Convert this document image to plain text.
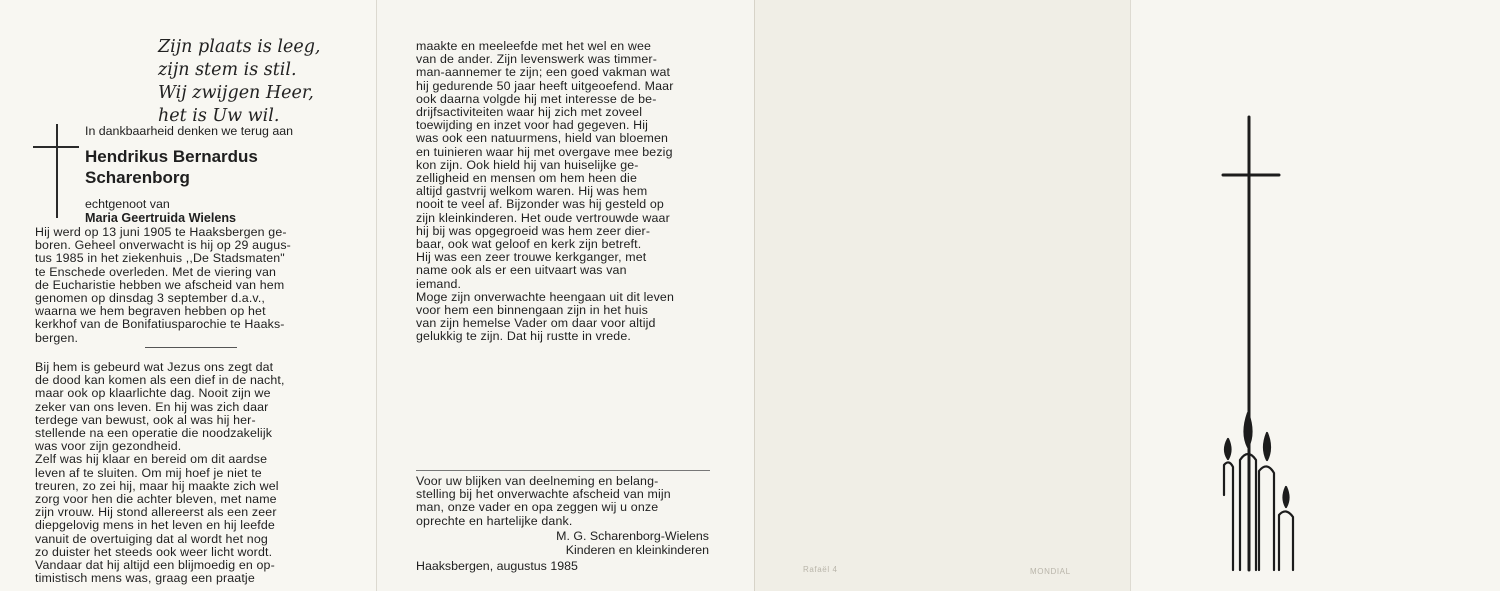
Zijn plaats is leeg,
zijn stem is stil.
Wij zwijgen Heer,
het is Uw wil.
In dankbaarheid denken we terug aan
Hendrikus Bernardus
Scharenborg
echtgenoot van
Maria Geertruida Wielens
Hij werd op 13 juni 1905 te Haaksbergen ge-
boren. Geheel onverwacht is hij op 29 augus-
tus 1985 in het ziekenhuis ,,De Stadsmaten"
te Enschede overleden. Met de viering van
de Eucharistie hebben we afscheid van hem
genomen op dinsdag 3 september d.a.v.,
waarna we hem begraven hebben op het
kerkhof van de Bonifatiusparochie te Haaks-
bergen.
Bij hem is gebeurd wat Jezus ons zegt dat
de dood kan komen als een dief in de nacht,
maar ook op klaarlichte dag. Nooit zijn we
zeker van ons leven. En hij was zich daar
terdege van bewust, ook al was hij her-
stellende na een operatie die noodzakelijk
was voor zijn gezondheid.
Zelf was hij klaar en bereid om dit aardse
leven af te sluiten. Om mij hoef je niet te
treuren, zo zei hij, maar hij maakte zich wel
zorg voor hen die achter bleven, met name
zijn vrouw. Hij stond allereerst als een zeer
diepgelovig mens in het leven en hij leefde
vanuit de overtuiging dat al wordt het nog
zo duister het steeds ook weer licht wordt.
Vandaar dat hij altijd een blijmoedig en op-
timistisch mens was, graag een praatje
maakte en meeleefde met het wel en wee
van de ander. Zijn levenswerk was timmer-
man-aannemer te zijn; een goed vakman wat
hij gedurende 50 jaar heeft uitgeoefend. Maar
ook daarna volgde hij met interesse de be-
drijfsactiviteiten waar hij zich met zoveel
toewijding en inzet voor had gegeven. Hij
was ook een natuurmens, hield van bloemen
en tuinieren waar hij met overgave mee bezig
kon zijn. Ook hield hij van huiselijke ge-
zelligheid en mensen om hem heen die
altijd gastvrij welkom waren. Hij was hem
nooit te veel af. Bijzonder was hij gesteld op
zijn kleinkinderen. Het oude vertrouwde waar
hij bij was opgegroeid was hem zeer dier-
baar, ook wat geloof en kerk zijn betreft.
Hij was een zeer trouwe kerkganger, met
name ook als er een uitvaart was van
iemand.
Moge zijn onverwachte heengaan uit dit leven
voor hem een binnengaan zijn in het huis
van zijn hemelse Vader om daar voor altijd
gelukkig te zijn. Dat hij rustte in vrede.
Voor uw blijken van deelneming en belang-
stelling bij het onverwachte afscheid van mijn
man, onze vader en opa zeggen wij u onze
oprechte en hartelijke dank.
M. G. Scharenborg-Wielens
Kinderen en kleinkinderen
Haaksbergen, augustus 1985	Rafaël 4	MONDIAL
